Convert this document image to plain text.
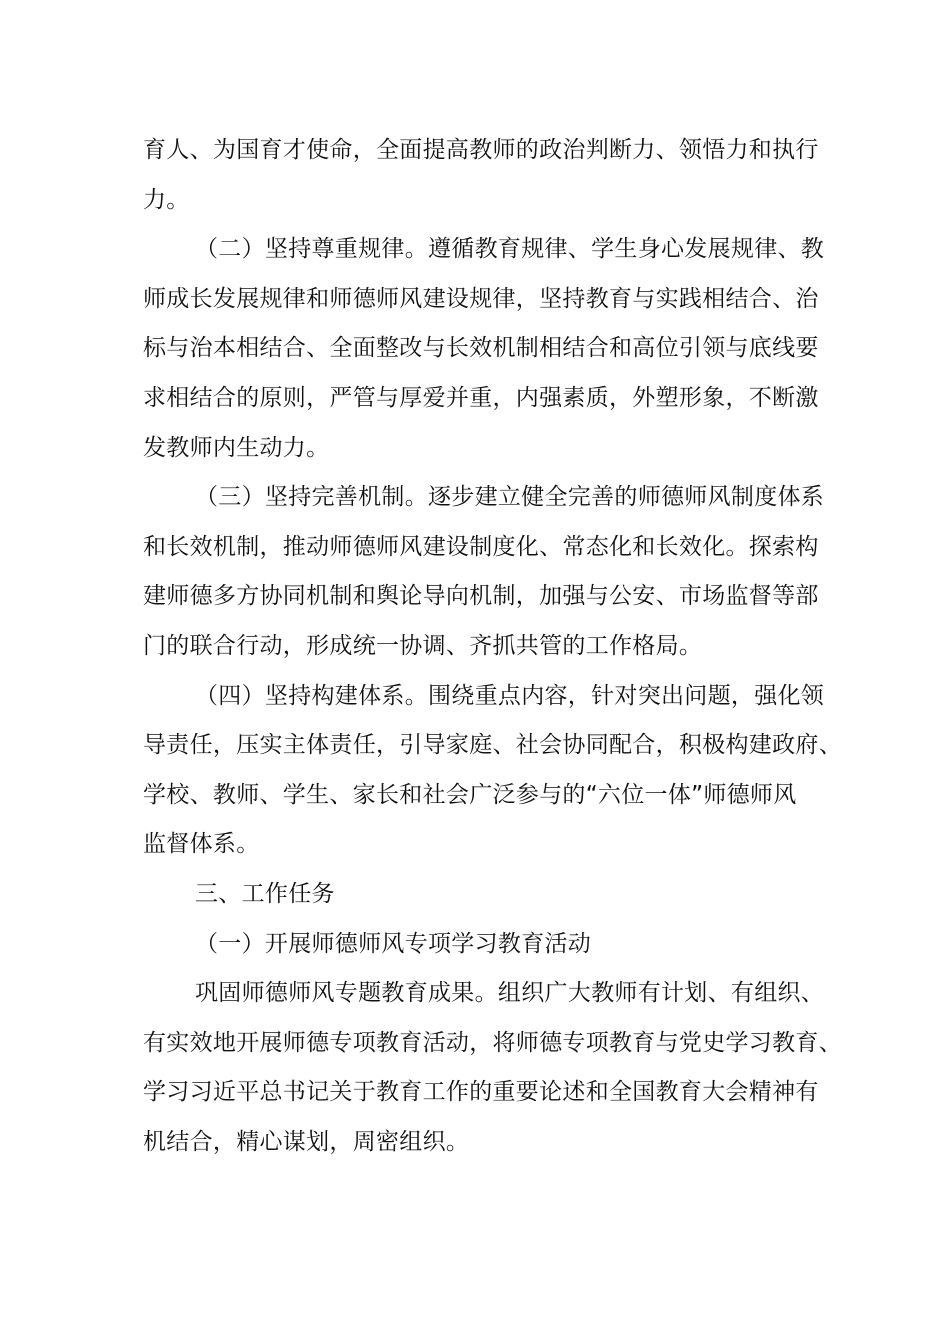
育人、为国育才使命，全面提高教师的政治判断力、领悟力和执行
力。
（二）坚持尊重规律。遵循教育规律、学生身心发展规律、教
师成长发展规律和师德师风建设规律，坚持教育与实践相结合、治
标与治本相结合、全面整改与长效机制相结合和高位引领与底线要
求相结合的原则，严管与厚爱并重，内强素质，外塑形象，不断激
发教师内生动力。
（三）坚持完善机制。逐步建立健全完善的师德师风制度体系
和长效机制，推动师德师风建设制度化、常态化和长效化。探索构
建师德多方协同机制和舆论导向机制，加强与公安、市场监督等部
门的联合行动，形成统一协调、齐抓共管的工作格局。
（四）坚持构建体系。围绕重点内容，针对突出问题，强化领
导责任，压实主体责任，引导家庭、社会协同配合，积极构建政府、
学校、教师、学生、家长和社会广泛参与的“六位一体”师德师风
监督体系。
三、工作任务
（一）开展师德师风专项学习教育活动
巩固师德师风专题教育成果。组织广大教师有计划、有组织、
有实效地开展师德专项教育活动，将师德专项教育与党史学习教育、
学习习近平总书记关于教育工作的重要论述和全国教育大会精神有
机结合，精心谋划，周密组织。
